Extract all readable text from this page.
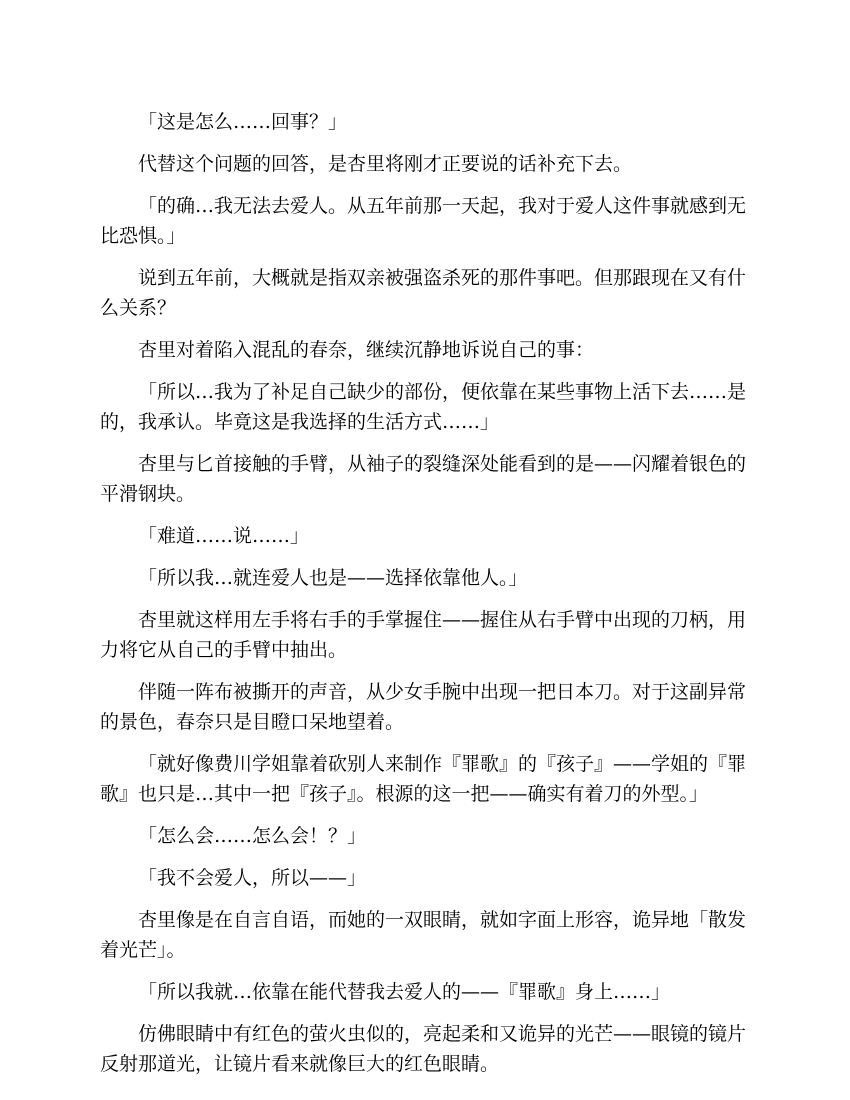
「这是怎么……回事？」

代替这个问题的回答，是杏里将刚才正要说的话补充下去。

「的确…我无法去爱人。从五年前那一天起，我对于爱人这件事就感到无比恐惧。」

说到五年前，大概就是指双亲被强盗杀死的那件事吧。但那跟现在又有什么关系？

杏里对着陷入混乱的春奈，继续沉静地诉说自己的事：

「所以…我为了补足自己缺少的部份，便依靠在某些事物上活下去……是的，我承认。毕竟这是我选择的生活方式……」

杏里与匕首接触的手臂，从袖子的裂缝深处能看到的是——闪耀着银色的平滑钢块。

「难道……说……」

「所以我…就连爱人也是——选择依靠他人。」

杏里就这样用左手将右手的手掌握住——握住从右手臂中出现的刀柄，用力将它从自己的手臂中抽出。

伴随一阵布被撕开的声音，从少女手腕中出现一把日本刀。对于这副异常的景色，春奈只是目瞪口呆地望着。

「就好像费川学姐靠着砍别人来制作『罪歌』的『孩子』——学姐的『罪歌』也只是…其中一把『孩子』。根源的这一把——确实有着刀的外型。」

「怎么会……怎么会！？」

「我不会爱人，所以——」

杏里像是在自言自语，而她的一双眼睛，就如字面上形容，诡异地「散发着光芒」。

「所以我就…依靠在能代替我去爱人的——『罪歌』身上……」

仿佛眼睛中有红色的萤火虫似的，亮起柔和又诡异的光芒——眼镜的镜片反射那道光，让镜片看来就像巨大的红色眼睛。
